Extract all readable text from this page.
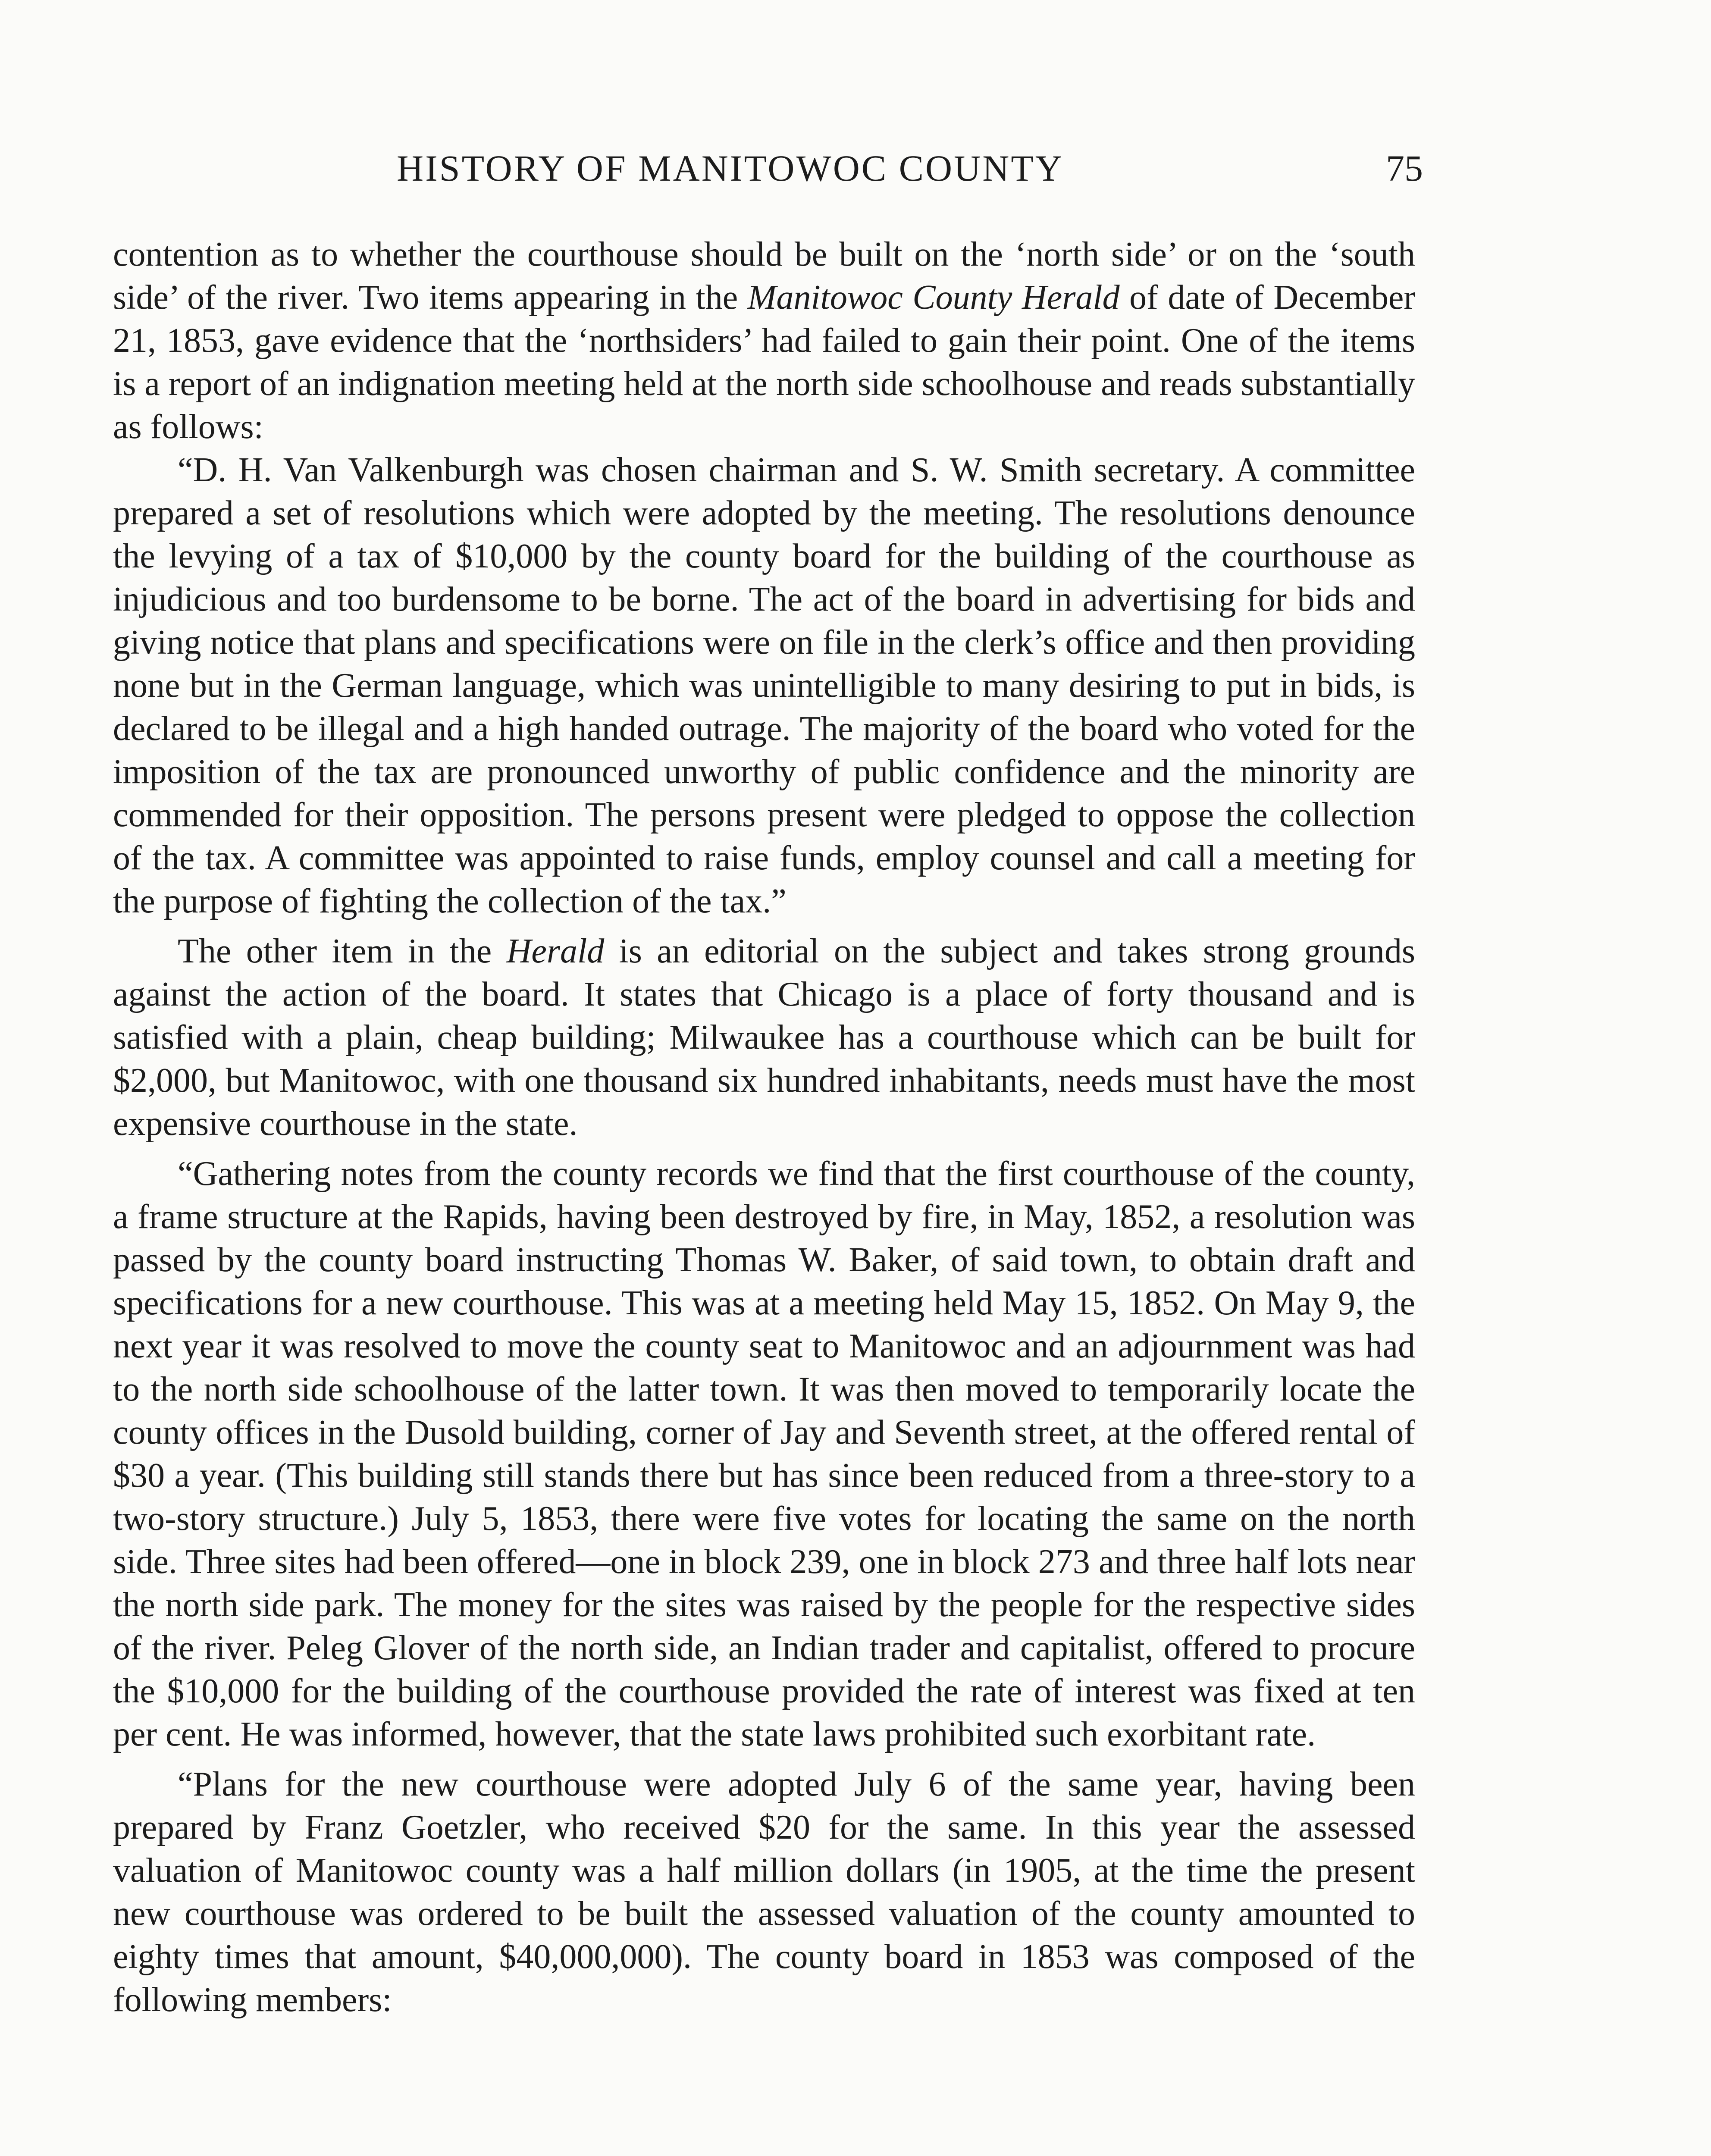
HISTORY OF MANITOWOC COUNTY	75

contention as to whether the courthouse should be built on the ‘north side’ or on the ‘south side’ of the river. Two items appearing in the Manitowoc County Herald of date of December 21, 1853, gave evidence that the ‘northsiders’ had failed to gain their point. One of the items is a report of an indignation meeting held at the north side schoolhouse and reads substantially as follows:

“D. H. Van Valkenburgh was chosen chairman and S. W. Smith secretary. A committee prepared a set of resolutions which were adopted by the meeting. The resolutions denounce the levying of a tax of $10,000 by the county board for the building of the courthouse as injudicious and too burdensome to be borne. The act of the board in advertising for bids and giving notice that plans and specifications were on file in the clerk’s office and then providing none but in the German language, which was unintelligible to many desiring to put in bids, is declared to be illegal and a high handed outrage. The majority of the board who voted for the imposition of the tax are pronounced unworthy of public confidence and the minority are commended for their opposition. The persons present were pledged to oppose the collection of the tax. A committee was appointed to raise funds, employ counsel and call a meeting for the purpose of fighting the collection of the tax.”

The other item in the Herald is an editorial on the subject and takes strong grounds against the action of the board. It states that Chicago is a place of forty thousand and is satisfied with a plain, cheap building; Milwaukee has a courthouse which can be built for $2,000, but Manitowoc, with one thousand six hundred inhabitants, needs must have the most expensive courthouse in the state.

“Gathering notes from the county records we find that the first courthouse of the county, a frame structure at the Rapids, having been destroyed by fire, in May, 1852, a resolution was passed by the county board instructing Thomas W. Baker, of said town, to obtain draft and specifications for a new courthouse. This was at a meeting held May 15, 1852. On May 9, the next year it was resolved to move the county seat to Manitowoc and an adjournment was had to the north side schoolhouse of the latter town. It was then moved to temporarily locate the county offices in the Dusold building, corner of Jay and Seventh street, at the offered rental of $30 a year. (This building still stands there but has since been reduced from a three-story to a two-story structure.) July 5, 1853, there were five votes for locating the same on the north side. Three sites had been offered—one in block 239, one in block 273 and three half lots near the north side park. The money for the sites was raised by the people for the respective sides of the river. Peleg Glover of the north side, an Indian trader and capitalist, offered to procure the $10,000 for the building of the courthouse provided the rate of interest was fixed at ten per cent. He was informed, however, that the state laws prohibited such exorbitant rate.

“Plans for the new courthouse were adopted July 6 of the same year, having been prepared by Franz Goetzler, who received $20 for the same. In this year the assessed valuation of Manitowoc county was a half million dollars (in 1905, at the time the present new courthouse was ordered to be built the assessed valuation of the county amounted to eighty times that amount, $40,000,000). The county board in 1853 was composed of the following members:
